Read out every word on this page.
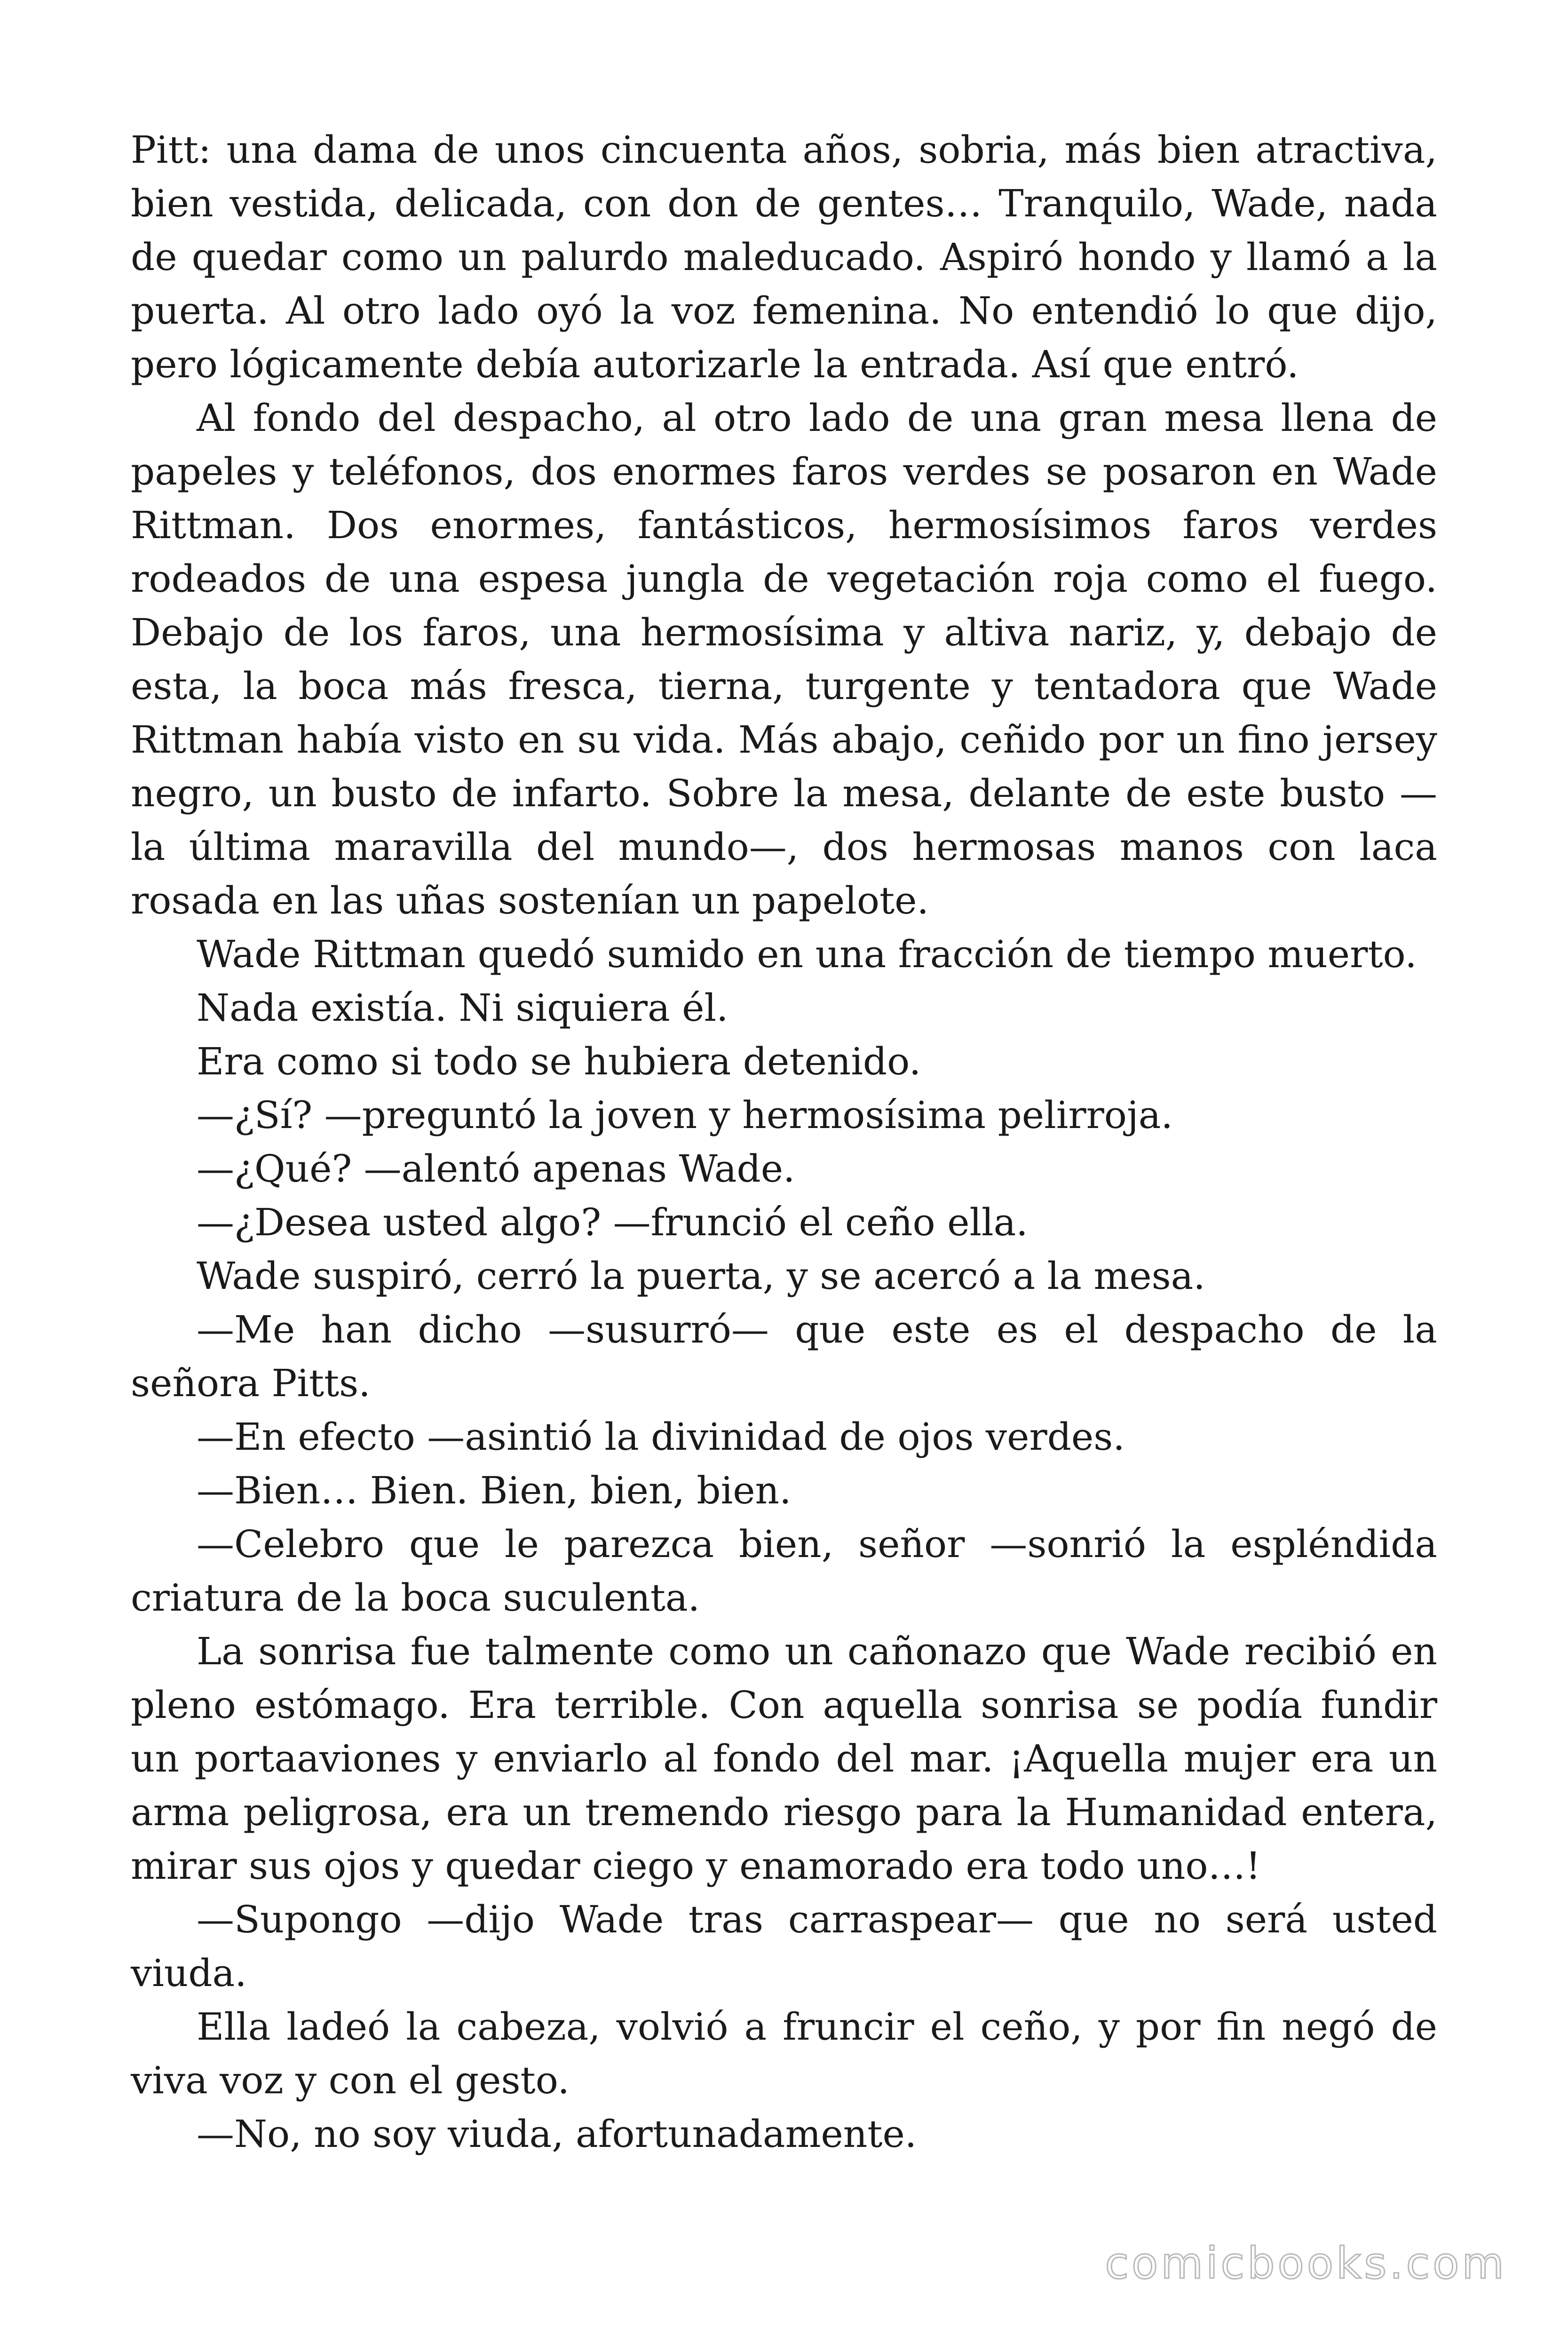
Pitt: una dama de unos cincuenta años, sobria, más bien atractiva, bien vestida, delicada, con don de gentes… Tranquilo, Wade, nada de quedar como un palurdo maleducado. Aspiró hondo y llamó a la puerta. Al otro lado oyó la voz femenina. No entendió lo que dijo, pero lógicamente debía autorizarle la entrada. Así que entró.

Al fondo del despacho, al otro lado de una gran mesa llena de papeles y teléfonos, dos enormes faros verdes se posaron en Wade Rittman. Dos enormes, fantásticos, hermosísimos faros verdes rodeados de una espesa jungla de vegetación roja como el fuego. Debajo de los faros, una hermosísima y altiva nariz, y, debajo de esta, la boca más fresca, tierna, turgente y tentadora que Wade Rittman había visto en su vida. Más abajo, ceñido por un fino jersey negro, un busto de infarto. Sobre la mesa, delante de este busto —la última maravilla del mundo—, dos hermosas manos con laca rosada en las uñas sostenían un papelote.

Wade Rittman quedó sumido en una fracción de tiempo muerto.

Nada existía. Ni siquiera él.

Era como si todo se hubiera detenido.

—¿Sí? —preguntó la joven y hermosísima pelirroja.

—¿Qué? —alentó apenas Wade.

—¿Desea usted algo? —frunció el ceño ella.

Wade suspiró, cerró la puerta, y se acercó a la mesa.

—Me han dicho —susurró— que este es el despacho de la señora Pitts.

—En efecto —asintió la divinidad de ojos verdes.

—Bien… Bien. Bien, bien, bien.

—Celebro que le parezca bien, señor —sonrió la espléndida criatura de la boca suculenta.

La sonrisa fue talmente como un cañonazo que Wade recibió en pleno estómago. Era terrible. Con aquella sonrisa se podía fundir un portaaviones y enviarlo al fondo del mar. ¡Aquella mujer era un arma peligrosa, era un tremendo riesgo para la Humanidad entera, mirar sus ojos y quedar ciego y enamorado era todo uno…!

—Supongo —dijo Wade tras carraspear— que no será usted viuda.

Ella ladeó la cabeza, volvió a fruncir el ceño, y por fin negó de viva voz y con el gesto.

—No, no soy viuda, afortunadamente.

comicbooks.com
